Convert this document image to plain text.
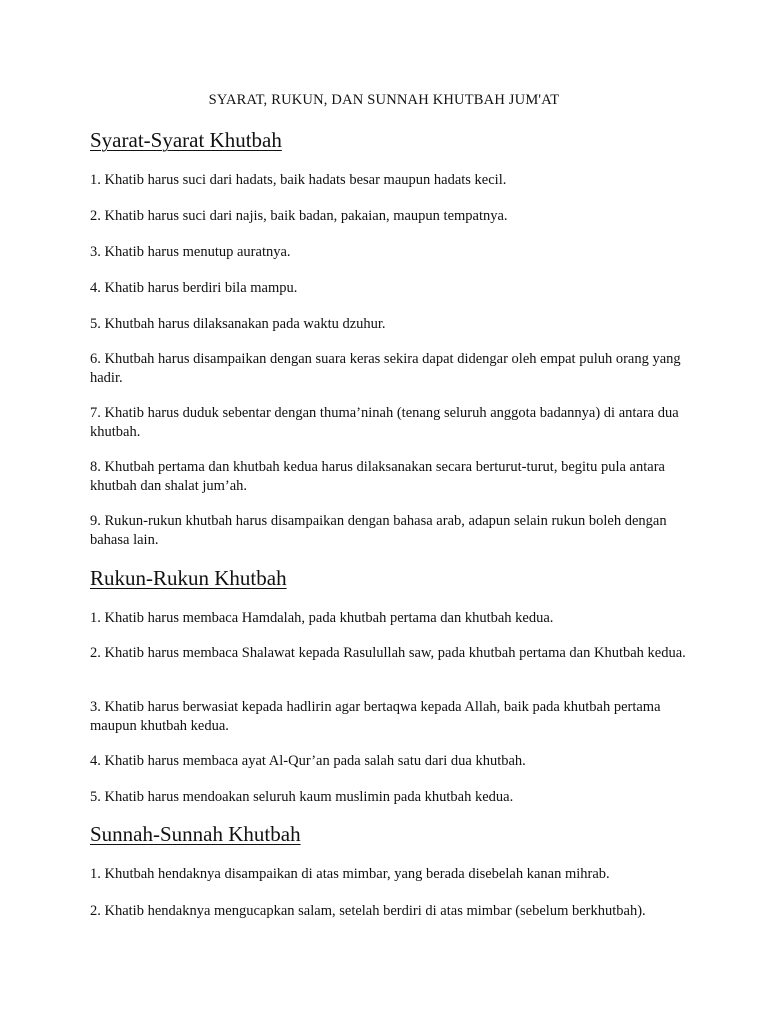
SYARAT, RUKUN, DAN SUNNAH KHUTBAH JUM'AT

Syarat-Syarat Khutbah

1. Khatib harus suci dari hadats, baik hadats besar maupun hadats kecil.

2. Khatib harus suci dari najis, baik badan, pakaian, maupun tempatnya.

3. Khatib harus menutup auratnya.

4. Khatib harus berdiri bila mampu.

5. Khutbah harus dilaksanakan pada waktu dzuhur.

6. Khutbah harus disampaikan dengan suara keras sekira dapat didengar oleh empat puluh orang yang hadir.

7. Khatib harus duduk sebentar dengan thuma’ninah (tenang seluruh anggota badannya) di antara dua khutbah.

8. Khutbah pertama dan khutbah kedua harus dilaksanakan secara berturut-turut, begitu pula antara khutbah dan shalat jum’ah.

9. Rukun-rukun khutbah harus disampaikan dengan bahasa arab, adapun selain rukun boleh dengan bahasa lain.

Rukun-Rukun Khutbah

1. Khatib harus membaca Hamdalah, pada khutbah pertama dan khutbah kedua.

2. Khatib harus membaca Shalawat kepada Rasulullah saw, pada khutbah pertama dan Khutbah kedua.

3. Khatib harus berwasiat kepada hadlirin agar bertaqwa kepada Allah, baik pada khutbah pertama maupun khutbah kedua.

4. Khatib harus membaca ayat Al-Qur’an pada salah satu dari dua khutbah.

5. Khatib harus mendoakan seluruh kaum muslimin pada khutbah kedua.

Sunnah-Sunnah Khutbah

1. Khutbah hendaknya disampaikan di atas mimbar, yang berada disebelah kanan mihrab.

2. Khatib hendaknya mengucapkan salam, setelah berdiri di atas mimbar (sebelum berkhutbah).
